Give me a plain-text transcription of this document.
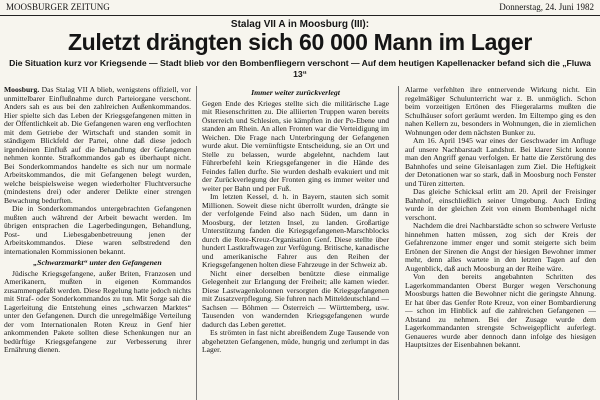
MOOSBURGER ZEITUNG	Donnerstag, 24. Juni 1982
Stalag VII A in Moosburg (III):
Zuletzt drängten sich 60 000 Mann im Lager
Die Situation kurz vor Kriegsende — Stadt blieb vor den Bombenfliegern verschont — Auf dem heutigen Kapellenacker befand sich die „Fluwa 13“

Moosburg. Das Stalag VII A blieb, wenigstens offiziell, vor unmittelbarer Einflußnahme durch Parteiorgane verschont. Anders sah es aus bei den zahlreichen Außenkommandos. Hier spielte sich das Leben der Kriegsgefangenen mitten in der Öffentlichkeit ab. Die Gefangenen waren eng verflochten mit dem Getriebe der Wirtschaft und standen somit in ständigem Blickfeld der Partei, ohne daß diese jedoch irgendeinen Einfluß auf die Behandlung der Gefangenen nehmen konnte. Strafkommandos gab es überhaupt nicht. Bei Sonderkommandos handelte es sich nur um normale Arbeitskommandos, die mit Gefangenen belegt wurden, welche beispielsweise wegen wiederholter Fluchtversuche (mindestens drei) oder anderer Delikte einer strengen Bewachung bedurften.

Die in Sonderkommandos untergebrachten Gefangenen mußten auch während der Arbeit bewacht werden. Im übrigen entsprachen die Lagerbedingungen, Behandlung, Post- und Liebesgabenbetreuung jenen der Arbeitskommandos. Diese waren selbstredend den internationalen Kommissionen bekannt.

„Schwarzmarkt“ unter den Gefangenen

Jüdische Kriegsgefangene, außer Briten, Franzosen und Amerikanern, mußten in eigenen Kommandos zusammengefaßt werden. Diese Regelung hatte jedoch nichts mit Straf- oder Sonderkommandos zu tun. Mit Sorge sah die Lagerleitung die Entstehung eines „schwarzen Marktes“ unter den Gefangenen. Durch die unregelmäßige Verteilung der vom Internationalen Roten Kreuz in Genf hier ankommenden Pakete sollten diese Schenkungen nur an bedürftige Kriegsgefangene zur Verbesserung ihrer Ernährung dienen.

Immer weiter zurückverlegt

Gegen Ende des Krieges stellte sich die militärische Lage mit Riesenschritten zu. Die alliierten Truppen waren bereits Österreich und Schlesien, sie kämpften in der Po-Ebene und standen am Rhein. An allen Fronten war die Verteidigung im Weichen. Die Frage nach Unterbringung der Gefangenen wurde akut. Die vernünftigste Entscheidung, sie an Ort und Stelle zu belassen, wurde abgelehnt, nachdem laut Führerbefehl kein Kriegsgefangener in die Hände des Feindes fallen durfte. Sie wurden deshalb evakuiert und mit der Zurückverlegung der Fronten ging es immer weiter und weiter per Bahn und per Fuß.

Im letzten Kessel, d. h. in Bayern, stauten sich somit Millionen. Soweit diese nicht überrollt wurden, drängte sie der verfolgende Feind also nach Süden, um dann in Moosburg, der letzten Insel, zu landen. Großartige Unterstützung fanden die Kriegsgefangenen-Marschblocks durch die Rote-Kreuz-Organisation Genf. Diese stellte über hundert Lastkraftwagen zur Verfügung. Britische, kanadische und amerikanische Fahrer aus den Reihen der Kriegsgefangenen holten diese Fahrzeuge in der Schweiz ab.

Nicht einer derselben benützte diese einmalige Gelegenheit zur Erlangung der Freiheit; alle kamen wieder. Diese Lastwagenkolonnen versorgten die Kriegsgefangenen mit Zusatzverpflegung. Sie fuhren nach Mitteldeutschland — Sachsen — Böhmen — Österreich — Württemberg, usw. Tausenden von wandernden Kriegsgefangenen wurde dadurch das Leben gerettet.

Es strömten in fast nicht abreißendem Zuge Tausende von abgehetzten Gefangenen, müde, hungrig und zerlumpt in das Lager.

Alarme verfehlten ihre entnervende Wirkung nicht. Ein regelmäßiger Schulunterricht war z. B. unmöglich. Schon beim vorzeitigen Ertönen des Fliegeralarms mußten die Schulhäuser sofort geräumt werden. Im Eiltempo ging es den nahen Kellern zu, besonders in Wohnungen, die in ziemlichen Wohnungen oder dem nächsten Bunker zu.

Am 16. April 1945 war eines der Geschwader im Anfluge auf unsere Nachbarstadt Landshut. Bei klarer Sicht konnte man den Angriff genau verfolgen. Er hatte die Zerstörung des Bahnhofes und seine Gleisanlagen zum Ziel. Die Heftigkeit der Detonationen war so stark, daß in Moosburg noch Fenster und Türen zitterten.

Das gleiche Schicksal erlitt am 20. April der Freisinger Bahnhof, einschließlich seiner Umgebung. Auch Erding wurde in der gleichen Zeit von einem Bombenhagel nicht verschont.

Nachdem die drei Nachbarstädte schon so schwere Verluste hinnehmen hatten müssen, zog sich der Kreis der Gefahrenzone immer enger und somit steigerte sich beim Ertönen der Sirenen die Angst der hiesigen Bewohner immer mehr, denn alles wartete in den letzten Tagen auf den Augenblick, daß auch Moosburg an der Reihe wäre.

Von den bereits angebahnten Schritten des Lagerkommandanten Oberst Burger wegen Verschonung Moosburgs hatten die Bewohner nicht die geringste Ahnung. Er hat über das Genfer Rote Kreuz, von einer Bombardierung — schon im Hinblick auf die zahlreichen Gefangenen — Abstand zu nehmen. Bei der Zusage wurde dem Lagerkommandanten strengste Schweigepflicht auferlegt. Genaueres wurde aber dennoch dann infolge des hiesigen Hauptsitzes der Eisenbahnen bekannt.
